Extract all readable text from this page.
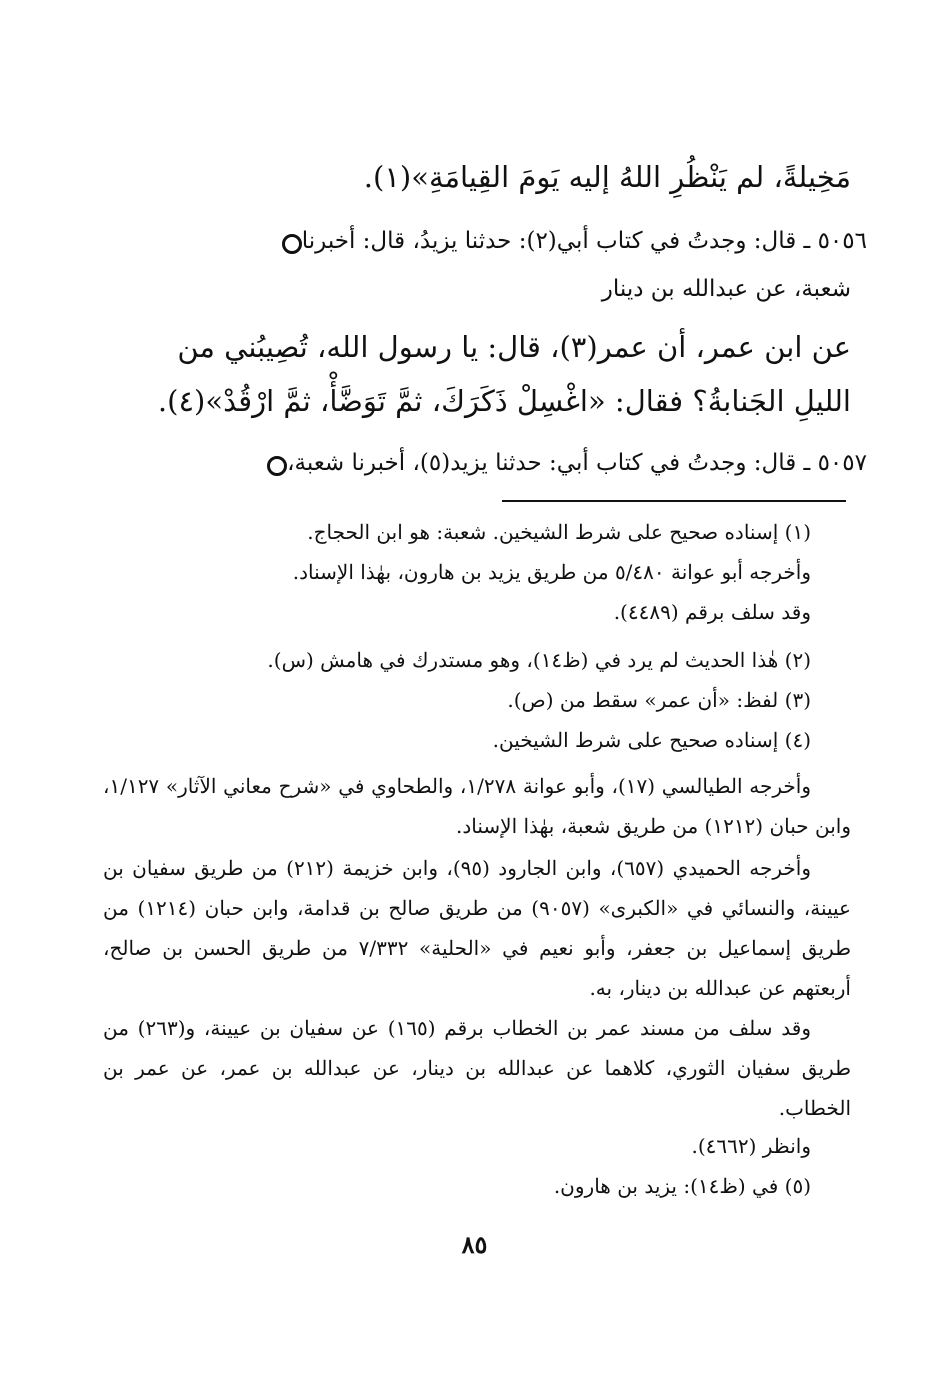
مَخِيلةً، لم يَنْظُرِ اللهُ إليه يَومَ القِيامَةِ»(١).
٥٠٥٦ ـ قال: وجدتُ في كتاب أبي(٢): حدثنا يزيدُ، قال: أخبرنا
شعبة، عن عبدالله بن دينار
عن ابن عمر، أن عمر(٣)، قال: يا رسول الله، تُصِيبُني من
الليلِ الجَنابةُ؟ فقال: «اغْسِلْ ذَكَرَكَ، ثمَّ تَوَضَّأْ، ثمَّ ارْقُدْ»(٤).
٥٠٥٧ ـ قال: وجدتُ في كتاب أبي: حدثنا يزيد(٥)، أخبرنا شعبة،
(١) إسناده صحيح على شرط الشيخين. شعبة: هو ابن الحجاج.
وأخرجه أبو عوانة ٥/٤٨٠ من طريق يزيد بن هارون، بهٰذا الإسناد.
وقد سلف برقم (٤٤٨٩).
(٢) هٰذا الحديث لم يرد في (ظ١٤)، وهو مستدرك في هامش (س).
(٣) لفظ: «أن عمر» سقط من (ص).
(٤) إسناده صحيح على شرط الشيخين.
وأخرجه الطيالسي (١٧)، وأبو عوانة ١/٢٧٨، والطحاوي في «شرح معاني الآثار» ١/١٢٧، وابن حبان (١٢١٢) من طريق شعبة، بهٰذا الإسناد.
وأخرجه الحميدي (٦٥٧)، وابن الجارود (٩٥)، وابن خزيمة (٢١٢) من طريق سفيان بن عيينة، والنسائي في «الكبرى» (٩٠٥٧) من طريق صالح بن قدامة، وابن حبان (١٢١٤) من طريق إسماعيل بن جعفر، وأبو نعيم في «الحلية» ٧/٣٣٢ من طريق الحسن بن صالح، أربعتهم عن عبدالله بن دينار، به.
وقد سلف من مسند عمر بن الخطاب برقم (١٦٥) عن سفيان بن عيينة، و(٢٦٣) من طريق سفيان الثوري، كلاهما عن عبدالله بن دينار، عن عبدالله بن عمر، عن عمر بن الخطاب.
وانظر (٤٦٦٢).
(٥) في (ظ١٤): يزيد بن هارون.
٨٥
